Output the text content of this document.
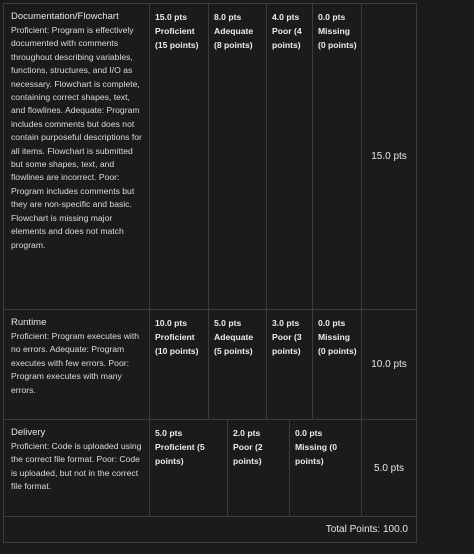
Documentation/Flowchart
Proficient: Program is effectively documented with comments throughout describing variables, functions, structures, and I/O as necessary. Flowchart is complete, containing correct shapes, text, and flowlines. Adequate: Program includes comments but does not contain purposeful descriptions for all items. Flowchart is submitted but some shapes, text, and flowlines are incorrect. Poor: Program includes comments but they are non-specific and basic. Flowchart is missing major elements and does not match program.
15.0 pts
Proficient (15 points)
8.0 pts
Adequate (8 points)
4.0 pts
Poor (4 points)
0.0 pts
Missing (0 points)
15.0 pts
Runtime
Proficient: Program executes with no errors. Adequate: Program executes with few errors. Poor: Program executes with many errors.
10.0 pts
Proficient (10 points)
5.0 pts
Adequate (5 points)
3.0 pts
Poor (3 points)
0.0 pts
Missing (0 points)
10.0 pts
Delivery
Proficient: Code is uploaded using the correct file format. Poor: Code is uploaded, but not in the correct file format.
5.0 pts
Proficient (5 points)
2.0 pts
Poor (2 points)
0.0 pts
Missing (0 points)
5.0 pts
Total Points: 100.0
